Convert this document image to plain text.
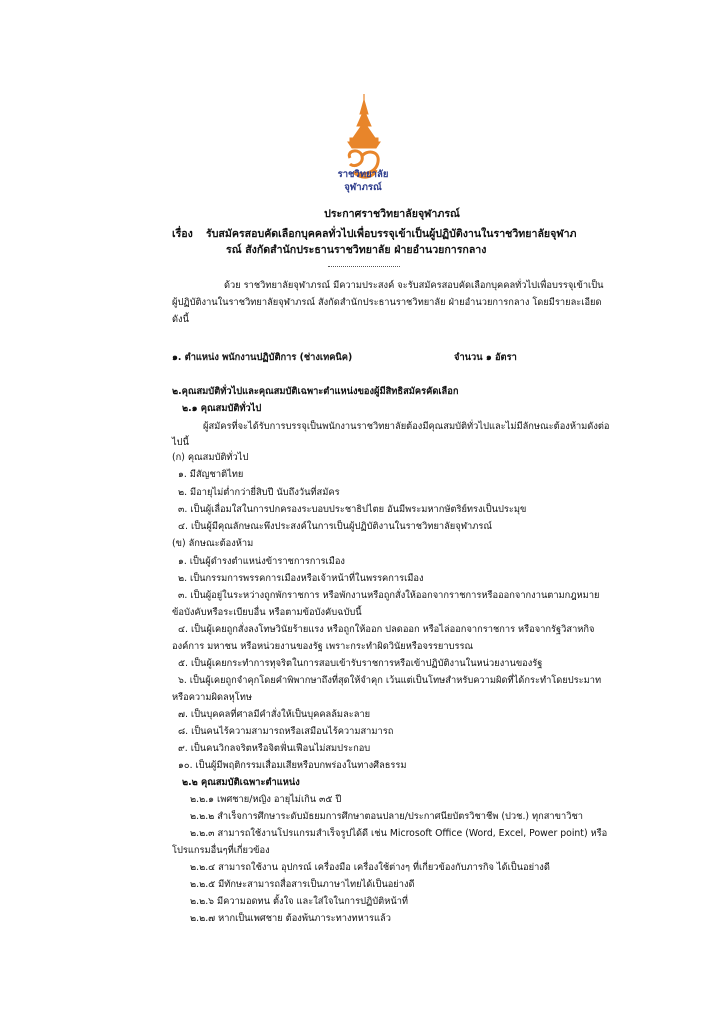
ราชวิทยาลัย
จุฬาภรณ์
ประกาศราชวิทยาลัยจุฬาภรณ์
เรื่อง รับสมัครสอบคัดเลือกบุคคลทั่วไปเพื่อบรรจุเข้าเป็นผู้ปฏิบัติงานในราชวิทยาลัยจุฬาภ
รณ์ สังกัดสำนักประธานราชวิทยาลัย ฝ่ายอำนวยการกลาง
ด้วย ราชวิทยาลัยจุฬาภรณ์ มีความประสงค์ จะรับสมัครสอบคัดเลือกบุคคลทั่วไปเพื่อบรรจุเข้าเป็น
ผู้ปฏิบัติงานในราชวิทยาลัยจุฬาภรณ์ สังกัดสำนักประธานราชวิทยาลัย ฝ่ายอำนวยการกลาง โดยมีรายละเอียด
ดังนี้
๑. ตำแหน่ง พนักงานปฏิบัติการ (ช่างเทคนิค)	จำนวน ๑ อัตรา
๒.คุณสมบัติทั่วไปและคุณสมบัติเฉพาะตำแหน่งของผู้มีสิทธิสมัครคัดเลือก
๒.๑ คุณสมบัติทั่วไป
ผู้สมัครที่จะได้รับการบรรจุเป็นพนักงานราชวิทยาลัยต้องมีคุณสมบัติทั่วไปและไม่มีลักษณะต้องห้ามดังต่อ
ไปนี้
(ก) คุณสมบัติทั่วไป
๑. มีสัญชาติไทย
๒. มีอายุไม่ต่ำกว่ายี่สิบปี นับถึงวันที่สมัคร
๓. เป็นผู้เลื่อมใสในการปกครองระบอบประชาธิปไตย อันมีพระมหากษัตริย์ทรงเป็นประมุข
๔. เป็นผู้มีคุณลักษณะพึงประสงค์ในการเป็นผู้ปฏิบัติงานในราชวิทยาลัยจุฬาภรณ์
(ข) ลักษณะต้องห้าม
๑. เป็นผู้ดำรงตำแหน่งข้าราชการการเมือง
๒. เป็นกรรมการพรรคการเมืองหรือเจ้าหน้าที่ในพรรคการเมือง
๓. เป็นผู้อยู่ในระหว่างถูกพักราชการ หรือพักงานหรือถูกสั่งให้ออกจากราชการหรือออกจากงานตามกฎหมาย
ข้อบังคับหรือระเบียบอื่น หรือตามข้อบังคับฉบับนี้
๔. เป็นผู้เคยถูกสั่งลงโทษวินัยร้ายแรง หรือถูกให้ออก ปลดออก หรือไล่ออกจากราชการ หรือจากรัฐวิสาหกิจ
องค์การ มหาชน หรือหน่วยงานของรัฐ เพราะกระทำผิดวินัยหรือจรรยาบรรณ
๕. เป็นผู้เคยกระทำการทุจริตในการสอบเข้ารับราชการหรือเข้าปฏิบัติงานในหน่วยงานของรัฐ
๖. เป็นผู้เคยถูกจำคุกโดยคำพิพากษาถึงที่สุดให้จำคุก เว้นแต่เป็นโทษสำหรับความผิดที่ได้กระทำโดยประมาท
หรือความผิดลหุโทษ
๗. เป็นบุคคลที่ศาลมีคำสั่งให้เป็นบุคคลล้มละลาย
๘. เป็นคนไร้ความสามารถหรือเสมือนไร้ความสามารถ
๙. เป็นคนวิกลจริตหรือจิตฟั่นเฟือนไม่สมประกอบ
๑๐. เป็นผู้มีพฤติกรรมเสื่อมเสียหรือบกพร่องในทางศีลธรรม
๒.๒ คุณสมบัติเฉพาะตำแหน่ง
๒.๒.๑ เพศชาย/หญิง อายุไม่เกิน ๓๕ ปี
๒.๒.๒ สำเร็จการศึกษาระดับมัธยมการศึกษาตอนปลาย/ประกาศนียบัตรวิชาชีพ (ปวช.) ทุกสาขาวิชา
๒.๒.๓ สามารถใช้งานโปรแกรมสำเร็จรูปได้ดี เช่น Microsoft Office (Word, Excel, Power point) หรือ
โปรแกรมอื่นๆที่เกี่ยวข้อง
๒.๒.๔ สามารถใช้งาน อุปกรณ์ เครื่องมือ เครื่องใช้ต่างๆ ที่เกี่ยวข้องกับภารกิจ ได้เป็นอย่างดี
๒.๒.๕ มีทักษะสามารถสื่อสารเป็นภาษาไทยได้เป็นอย่างดี
๒.๒.๖ มีความอดทน ตั้งใจ และใส่ใจในการปฏิบัติหน้าที่
๒.๒.๗ หากเป็นเพศชาย ต้องพ้นภาระทางทหารแล้ว
